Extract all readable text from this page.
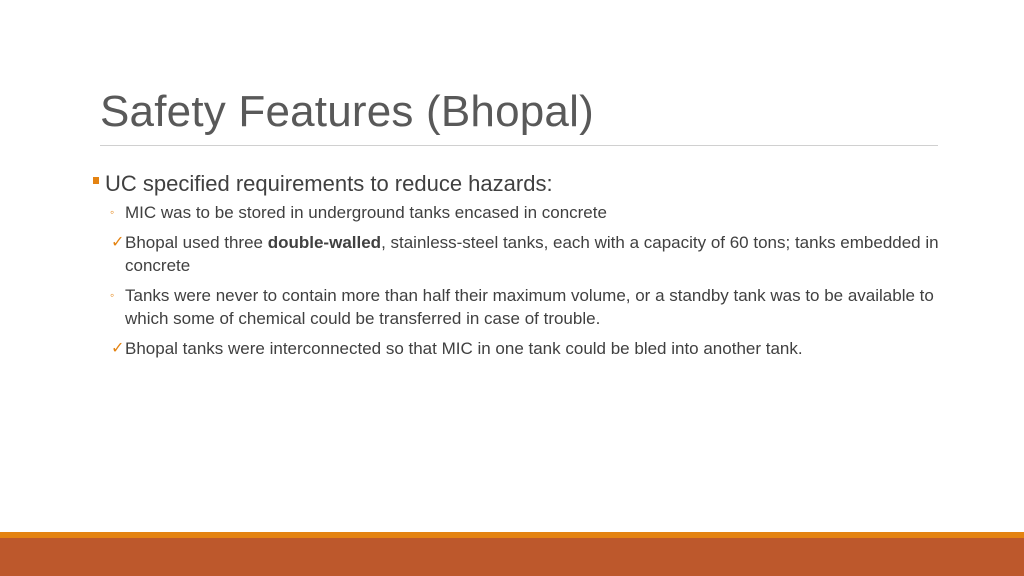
Safety Features (Bhopal)
UC specified requirements to reduce hazards:
◦ MIC was to be stored in underground tanks encased in concrete
✓ Bhopal used three double-walled, stainless-steel tanks, each with a capacity of 60 tons; tanks embedded in concrete
◦ Tanks were never to contain more than half their maximum volume, or a standby tank was to be available to which some of chemical could be transferred in case of trouble.
✓ Bhopal tanks were interconnected so that MIC in one tank could be bled into another tank.
